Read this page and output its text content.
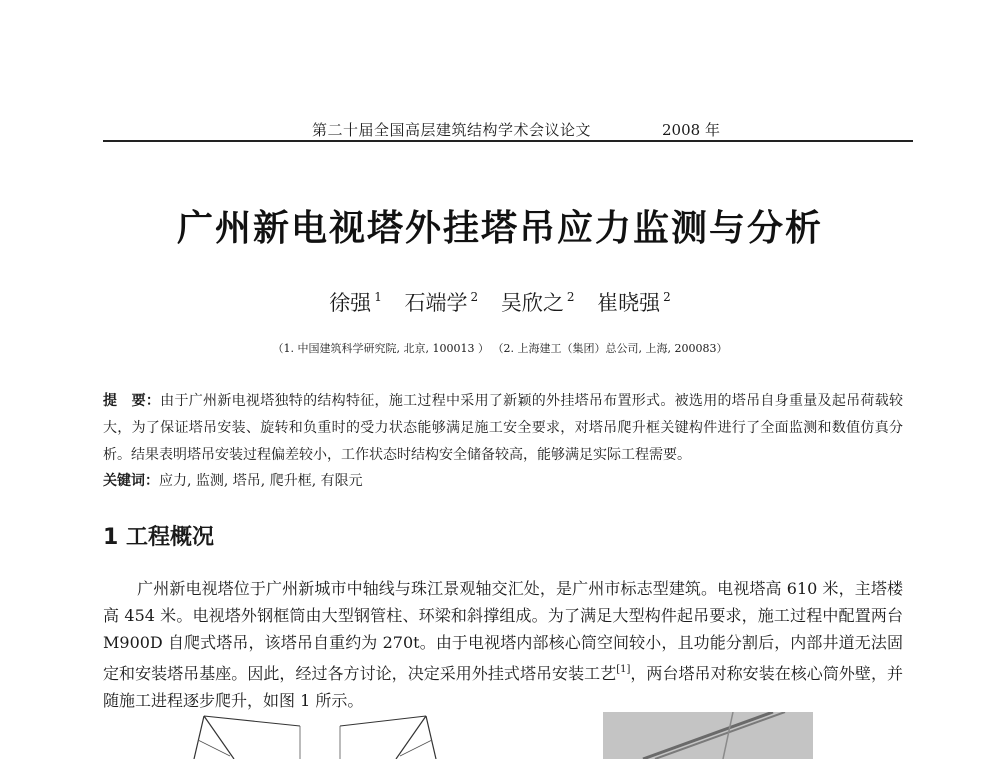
第二十届全国高层建筑结构学术会议论文	2008 年
广州新电视塔外挂塔吊应力监测与分析
徐强 $^1$ 石端学 $^2$ 吴欣之 $^2$ 崔晓强 $^2$
（1. 中国建筑科学研究院, 北京, 100013 ） （2. 上海建工（集团）总公司, 上海, 200083）
提　要：由于广州新电视塔独特的结构特征，施工过程中采用了新颖的外挂塔吊布置形式。被选用的塔吊自身重量及起吊荷载较大，为了保证塔吊安装、旋转和负重时的受力状态能够满足施工安全要求，对塔吊爬升框关键构件进行了全面监测和数值仿真分析。结果表明塔吊安装过程偏差较小，工作状态时结构安全储备较高，能够满足实际工程需要。
关键词：应力, 监测, 塔吊, 爬升框, 有限元
1 工程概况
广州新电视塔位于广州新城市中轴线与珠江景观轴交汇处，是广州市标志型建筑。电视塔高 610 米，主塔楼高 454 米。电视塔外钢框筒由大型钢管柱、环梁和斜撑组成。为了满足大型构件起吊要求，施工过程中配置两台 M900D 自爬式塔吊，该塔吊自重约为 270t。由于电视塔内部核心筒空间较小，且功能分割后，内部井道无法固定和安装塔吊基座。因此，经过各方讨论，决定采用外挂式塔吊安装工艺[1]，两台塔吊对称安装在核心筒外壁，并随施工进程逐步爬升，如图 1 所示。
